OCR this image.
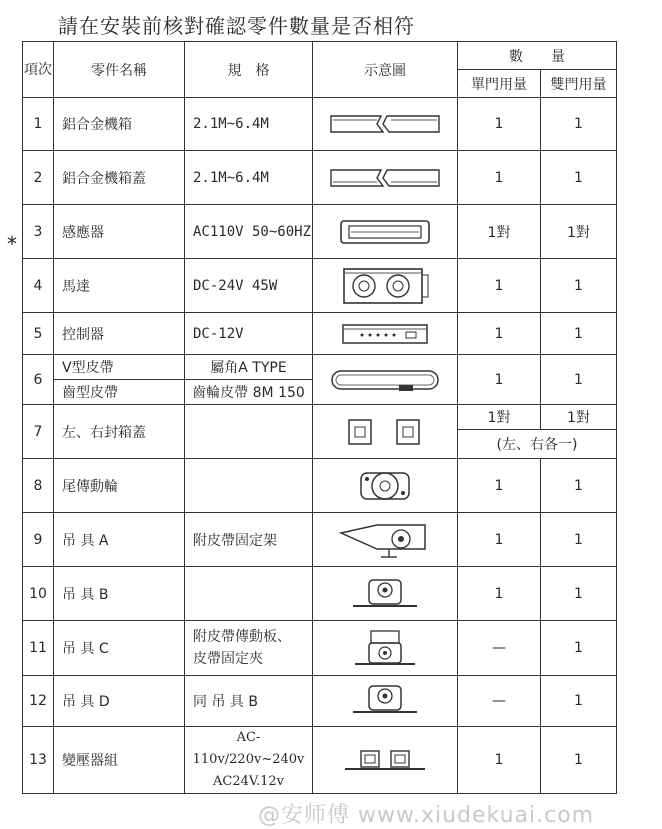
請在安裝前核對確認零件數量是否相符
*
項次	零件名稱	規　格	示意圖	數　　量	
				單門用量	雙門用量
1	鋁合金機箱	2.1M~6.4M		1	1
2	鋁合金機箱蓋	2.1M~6.4M		1	1
3	感應器	AC110V 50~60HZ		1對	1對
4	馬達	DC-24V 45W		1	1
5	控制器	DC-12V		1	1
6	V型皮帶	屬角A TYPE		1	1
	齒型皮帶	齒輪皮帶 8M 150			
7	左、右封箱蓋			1對	1對
				(左、右各一)	
8	尾傳動輪			1	1
9	吊 具 A	附皮帶固定架		1	1
10	吊 具 B			1	1
11	吊 具 C	附皮帶傳動板、
皮帶固定夾		—	1
12	吊 具 D	同 吊 具 B		—	1
13	變壓器組	AC-110v/220v~240v
AC24V.12v		1	1
@安师傅 www.xiudekuai.com
